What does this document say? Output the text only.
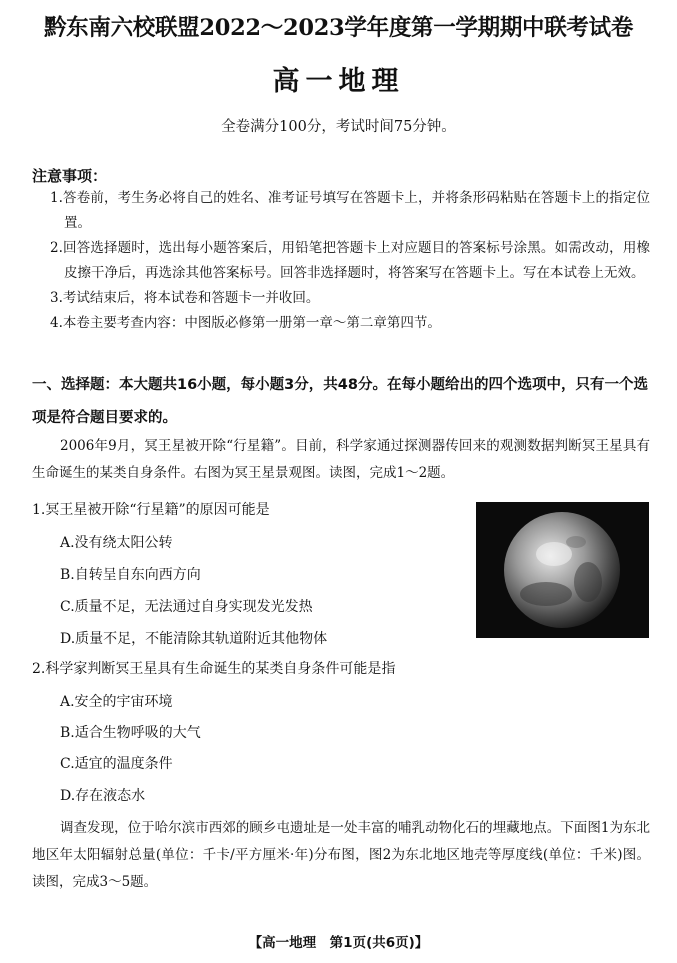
黔东南六校联盟2022～2023学年度第一学期期中联考试卷
高一地理
全卷满分100分，考试时间75分钟。
注意事项：
1.答卷前，考生务必将自己的姓名、准考证号填写在答题卡上，并将条形码粘贴在答题卡上的指定位置。
2.回答选择题时，选出每小题答案后，用铅笔把答题卡上对应题目的答案标号涂黑。如需改动，用橡皮擦干净后，再选涂其他答案标号。回答非选择题时，将答案写在答题卡上。写在本试卷上无效。
3.考试结束后，将本试卷和答题卡一并收回。
4.本卷主要考查内容：中图版必修第一册第一章～第二章第四节。
一、选择题：本大题共16小题，每小题3分，共48分。在每小题给出的四个选项中，只有一个选项是符合题目要求的。
2006年9月，冥王星被开除“行星籍”。目前，科学家通过探测器传回来的观测数据判断冥王星具有生命诞生的某类自身条件。右图为冥王星景观图。读图，完成1～2题。
1.冥王星被开除“行星籍”的原因可能是
A.没有绕太阳公转
B.自转呈自东向西方向
C.质量不足，无法通过自身实现发光发热
D.质量不足，不能清除其轨道附近其他物体
2.科学家判断冥王星具有生命诞生的某类自身条件可能是指
A.安全的宇宙环境
B.适合生物呼吸的大气
C.适宜的温度条件
D.存在液态水
调查发现，位于哈尔滨市西郊的顾乡屯遗址是一处丰富的哺乳动物化石的埋藏地点。下面图1为东北地区年太阳辐射总量(单位：千卡/平方厘米·年)分布图，图2为东北地区地壳等厚度线(单位：千米)图。读图，完成3～5题。
【高一地理　第1页(共6页)】
